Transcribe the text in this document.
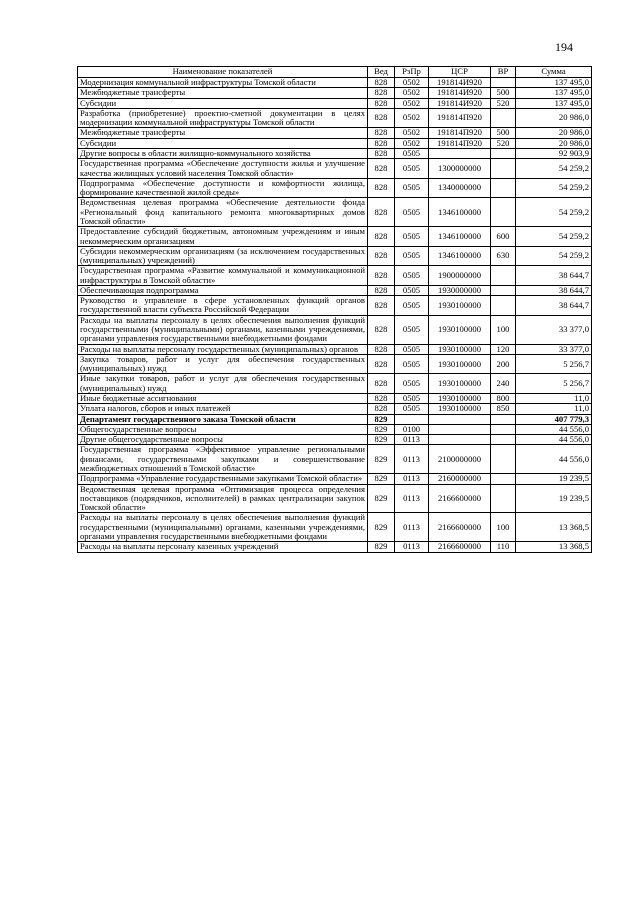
194
Наименование показателей	Вед	РзПр	ЦСР	ВР	Сумма
Модернизация коммунальной инфраструктуры Томской области	828	0502	191814И920		137 495,0
Межбюджетные трансферты	828	0502	191814И920	500	137 495,0
Субсидии	828	0502	191814И920	520	137 495,0
Разработка (приобретение) проектно-сметной документации в целях модернизации коммунальной инфраструктуры Томской области	828	0502	191814П920		20 986,0
Межбюджетные трансферты	828	0502	191814П920	500	20 986,0
Субсидии	828	0502	191814П920	520	20 986,0
Другие вопросы в области жилищно-коммунального хозяйства	828	0505			92 903,9
Государственная программа «Обеспечение доступности жилья и улучшение качества жилищных условий населения Томской области»	828	0505	1300000000		54 259,2
Подпрограмма «Обеспечение доступности и комфортности жилища, формирование качественной жилой среды»	828	0505	1340000000		54 259,2
Ведомственная целевая программа «Обеспечение деятельности фонда «Региональный фонд капитального ремонта многоквартирных домов Томской области»	828	0505	1346100000		54 259,2
Предоставление субсидий бюджетным, автономным учреждениям и иным некоммерческим организациям	828	0505	1346100000	600	54 259,2
Субсидии некоммерческим организациям (за исключением государственных (муниципальных) учреждений)	828	0505	1346100000	630	54 259,2
Государственная программа «Развитие коммунальной и коммуникационной инфраструктуры в Томской области»	828	0505	1900000000		38 644,7
Обеспечивающая подпрограмма	828	0505	1930000000		38 644,7
Руководство и управление в сфере установленных функций органов государственной власти субъекта Российской Федерации	828	0505	1930100000		38 644,7
Расходы на выплаты персоналу в целях обеспечения выполнения функций государственными (муниципальными) органами, казенными учреждениями, органами управления государственными внебюджетными фондами	828	0505	1930100000	100	33 377,0
Расходы на выплаты персоналу государственных (муниципальных) органов	828	0505	1930100000	120	33 377,0
Закупка товаров, работ и услуг для обеспечения государственных (муниципальных) нужд	828	0505	1930100000	200	5 256,7
Иные закупки товаров, работ и услуг для обеспечения государственных (муниципальных) нужд	828	0505	1930100000	240	5 256,7
Иные бюджетные ассигнования	828	0505	1930100000	800	11,0
Уплата налогов, сборов и иных платежей	828	0505	1930100000	850	11,0
Департамент государственного заказа Томской области	829				407 779,3
Общегосударственные вопросы	829	0100			44 556,0
Другие общегосударственные вопросы	829	0113			44 556,0
Государственная программа «Эффективное управление региональными финансами, государственными закупками и совершенствование межбюджетных отношений в Томской области»	829	0113	2100000000		44 556,0
Подпрограмма «Управление государственными закупками Томской области»	829	0113	2160000000		19 239,5
Ведомственная целевая программа «Оптимизация процесса определения поставщиков (подрядчиков, исполнителей) в рамках централизации закупок Томской области»	829	0113	2166600000		19 239,5
Расходы на выплаты персоналу в целях обеспечения выполнения функций государственными (муниципальными) органами, казенными учреждениями, органами управления государственными внебюджетными фондами	829	0113	2166600000	100	13 368,5
Расходы на выплаты персоналу казенных учреждений	829	0113	2166600000	110	13 368,5
